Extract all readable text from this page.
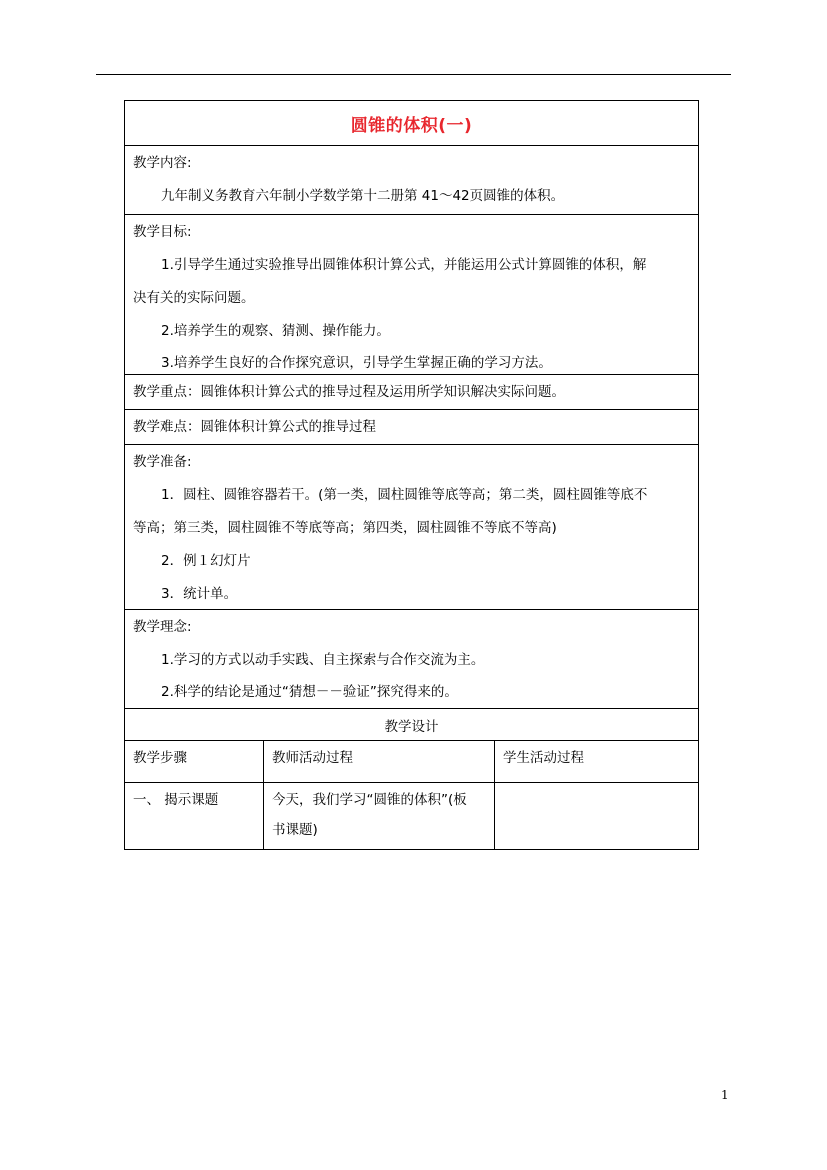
圆锥的体积(一)
教学内容:
九年制义务教育六年制小学数学第十二册第 41～42页圆锥的体积。
教学目标:
1.引导学生通过实验推导出圆锥体积计算公式，并能运用公式计算圆锥的体积，解
决有关的实际问题。
2.培养学生的观察、猜测、操作能力。
3.培养学生良好的合作探究意识，引导学生掌握正确的学习方法。
教学重点：圆锥体积计算公式的推导过程及运用所学知识解决实际问题。
教学难点：圆锥体积计算公式的推导过程
教学准备:
1．圆柱、圆锥容器若干。(第一类，圆柱圆锥等底等高；第二类，圆柱圆锥等底不
等高；第三类，圆柱圆锥不等底等高；第四类，圆柱圆锥不等底不等高)
2．例１幻灯片
3．统计单。
教学理念:
1.学习的方式以动手实践、自主探索与合作交流为主。
2.科学的结论是通过“猜想－－验证”探究得来的。
教学设计
教学步骤	教师活动过程	学生活动过程
一、 揭示课题	今天，我们学习“圆锥的体积”(板
书课题)
1
